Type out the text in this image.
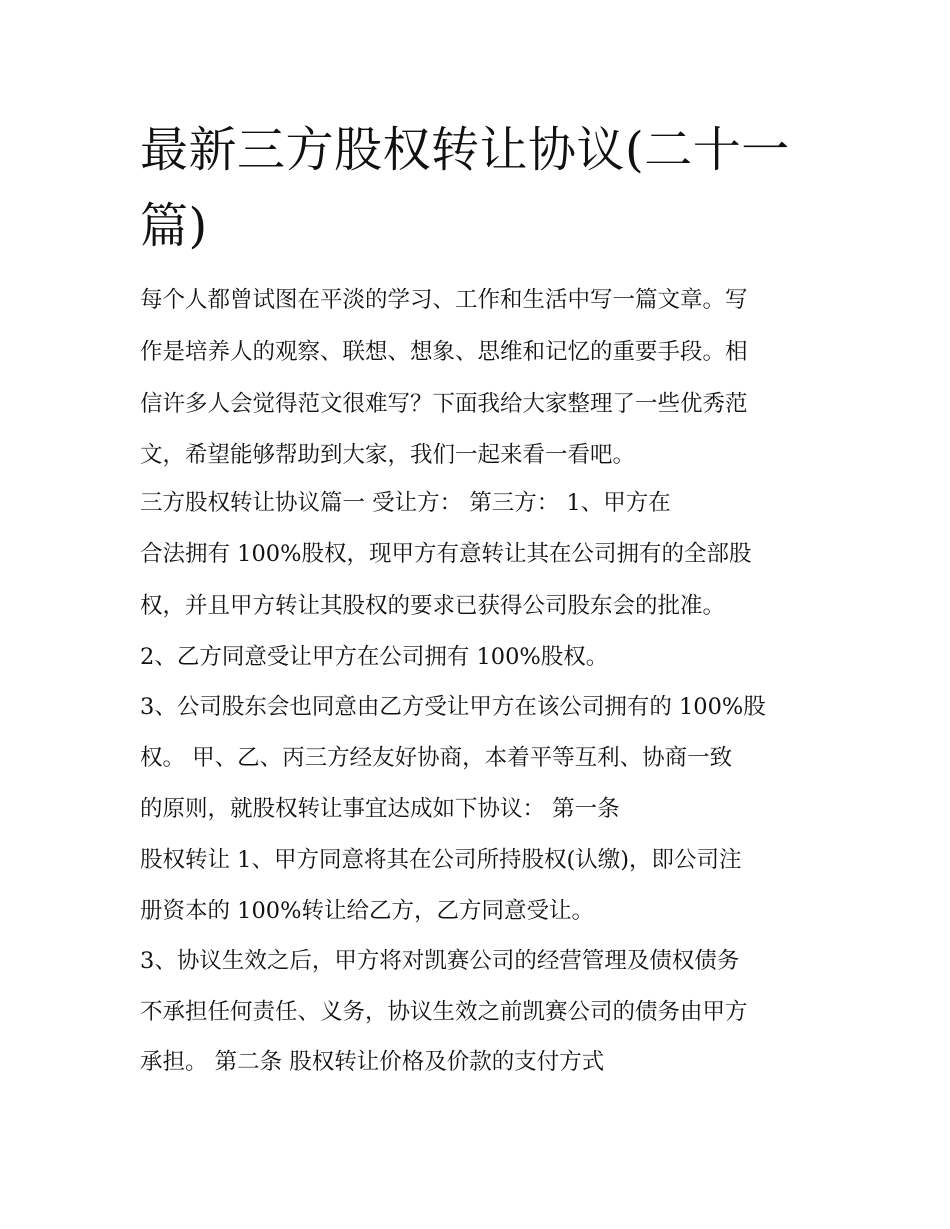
最新三方股权转让协议(二十一篇)

每个人都曾试图在平淡的学习、工作和生活中写一篇文章。写

作是培养人的观察、联想、想象、思维和记忆的重要手段。相

信许多人会觉得范文很难写？下面我给大家整理了一些优秀范

文，希望能够帮助到大家，我们一起来看一看吧。

三方股权转让协议篇一 受让方： 第三方： 1、甲方在

合法拥有 100%股权，现甲方有意转让其在公司拥有的全部股

权，并且甲方转让其股权的要求已获得公司股东会的批准。

2、乙方同意受让甲方在公司拥有 100%股权。

3、公司股东会也同意由乙方受让甲方在该公司拥有的 100%股

权。 甲、乙、丙三方经友好协商，本着平等互利、协商一致

的原则，就股权转让事宜达成如下协议： 第一条

股权转让 1、甲方同意将其在公司所持股权(认缴)，即公司注

册资本的 100%转让给乙方，乙方同意受让。

3、协议生效之后，甲方将对凯赛公司的经营管理及债权债务

不承担任何责任、义务，协议生效之前凯赛公司的债务由甲方

承担。 第二条 股权转让价格及价款的支付方式
